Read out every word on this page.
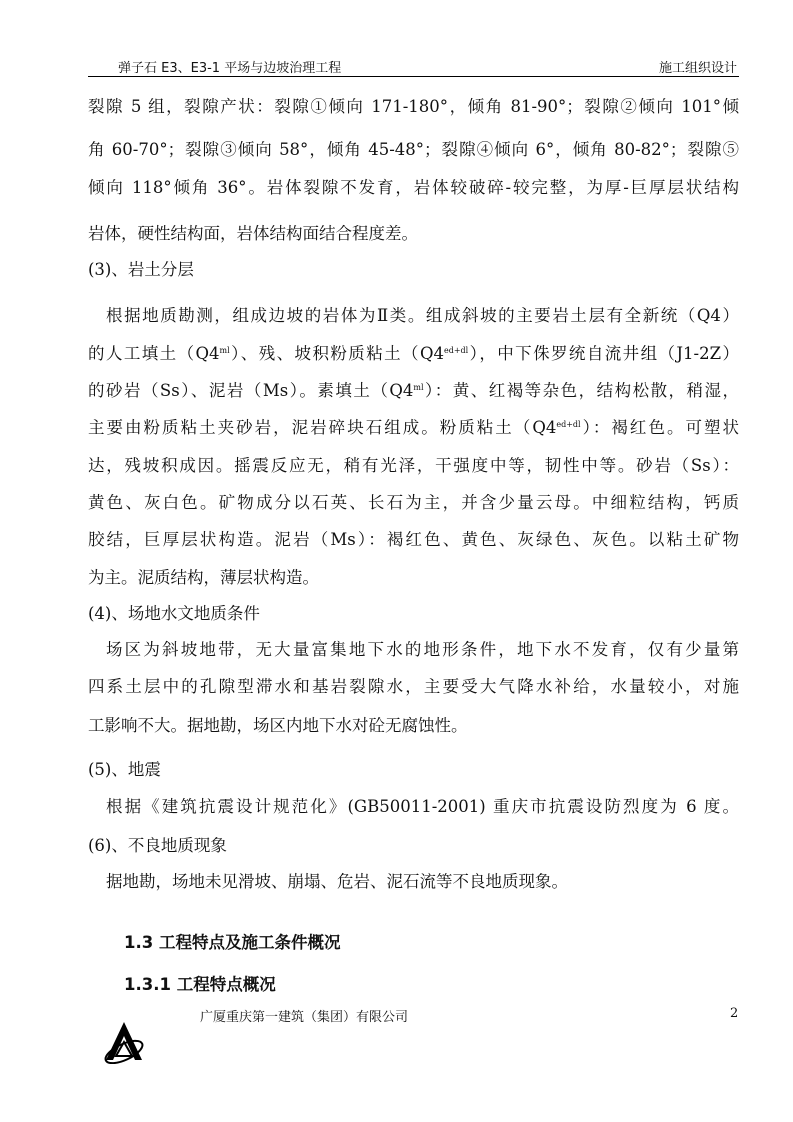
弹子石 E3、E3-1 平场与边坡治理工程	施工组织设计
裂隙 5 组，裂隙产状：裂隙①倾向 171-180°，倾角 81-90°；裂隙②倾向 101°倾
角 60-70°；裂隙③倾向 58°，倾角 45-48°；裂隙④倾向 6°，倾角 80-82°；裂隙⑤
倾向 118°倾角 36°。岩体裂隙不发育，岩体较破碎-较完整，为厚-巨厚层状结构
岩体，硬性结构面，岩体结构面结合程度差。
(3)、岩土分层
根据地质勘测，组成边坡的岩体为Ⅱ类。组成斜坡的主要岩土层有全新统（Q4）
的人工填土$(Q4^{ml})$、残、坡积粉质粘土$(Q4^{ed+dl})$，中下侏罗统自流井组（J1-2Z）
的砂岩（Ss）、泥岩（Ms）。素填土$(Q4^{ml})$：黄、红褐等杂色，结构松散，稍湿，
主要由粉质粘土夹砂岩，泥岩碎块石组成。粉质粘土$(Q4^{ed+dl})$：褐红色。可塑状
达，残坡积成因。摇震反应无，稍有光泽，干强度中等，韧性中等。砂岩（Ss）：
黄色、灰白色。矿物成分以石英、长石为主，并含少量云母。中细粒结构，钙质
胶结，巨厚层状构造。泥岩（Ms）：褐红色、黄色、灰绿色、灰色。以粘土矿物
为主。泥质结构，薄层状构造。
(4)、场地水文地质条件
场区为斜坡地带，无大量富集地下水的地形条件，地下水不发育，仅有少量第
四系土层中的孔隙型滞水和基岩裂隙水，主要受大气降水补给，水量较小，对施
工影响不大。据地勘，场区内地下水对砼无腐蚀性。
(5)、地震
根据《建筑抗震设计规范化》(GB50011-2001) 重庆市抗震设防烈度为 6 度。
(6)、不良地质现象
据地勘，场地未见滑坡、崩塌、危岩、泥石流等不良地质现象。
1.3 工程特点及施工条件概况
1.3.1 工程特点概况
广厦重庆第一建筑（集团）有限公司	2
